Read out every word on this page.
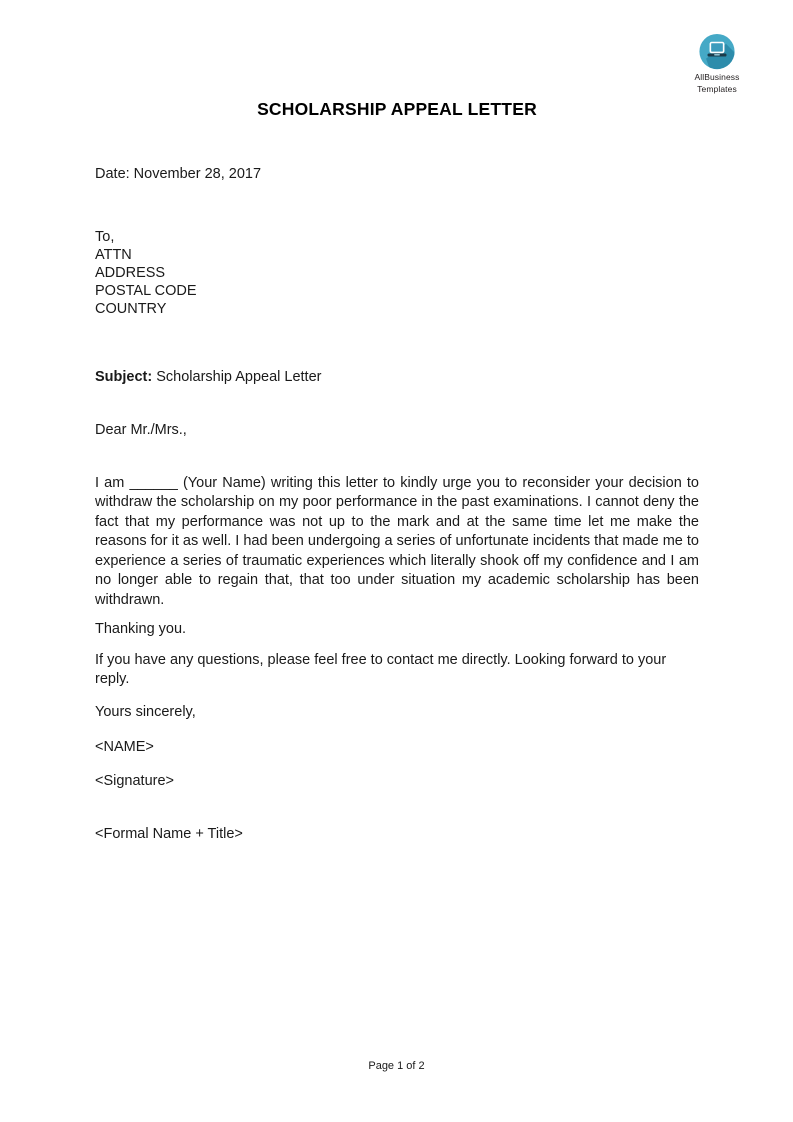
AllBusiness
Templates
SCHOLARSHIP APPEAL LETTER

Date: November 28, 2017

To,
ATTN
ADDRESS
POSTAL CODE
COUNTRY

Subject: Scholarship Appeal Letter

Dear Mr./Mrs.,

I am ______ (Your Name) writing this letter to kindly urge you to reconsider your decision to withdraw the scholarship on my poor performance in the past examinations. I cannot deny the fact that my performance was not up to the mark and at the same time let me make the reasons for it as well. I had been undergoing a series of unfortunate incidents that made me to experience a series of traumatic experiences which literally shook off my confidence and I am no longer able to regain that, that too under situation my academic scholarship has been withdrawn.

Thanking you.

If you have any questions, please feel free to contact me directly. Looking forward to your reply.

Yours sincerely,

<NAME>

<Signature>

<Formal Name + Title>

Page 1 of 2
